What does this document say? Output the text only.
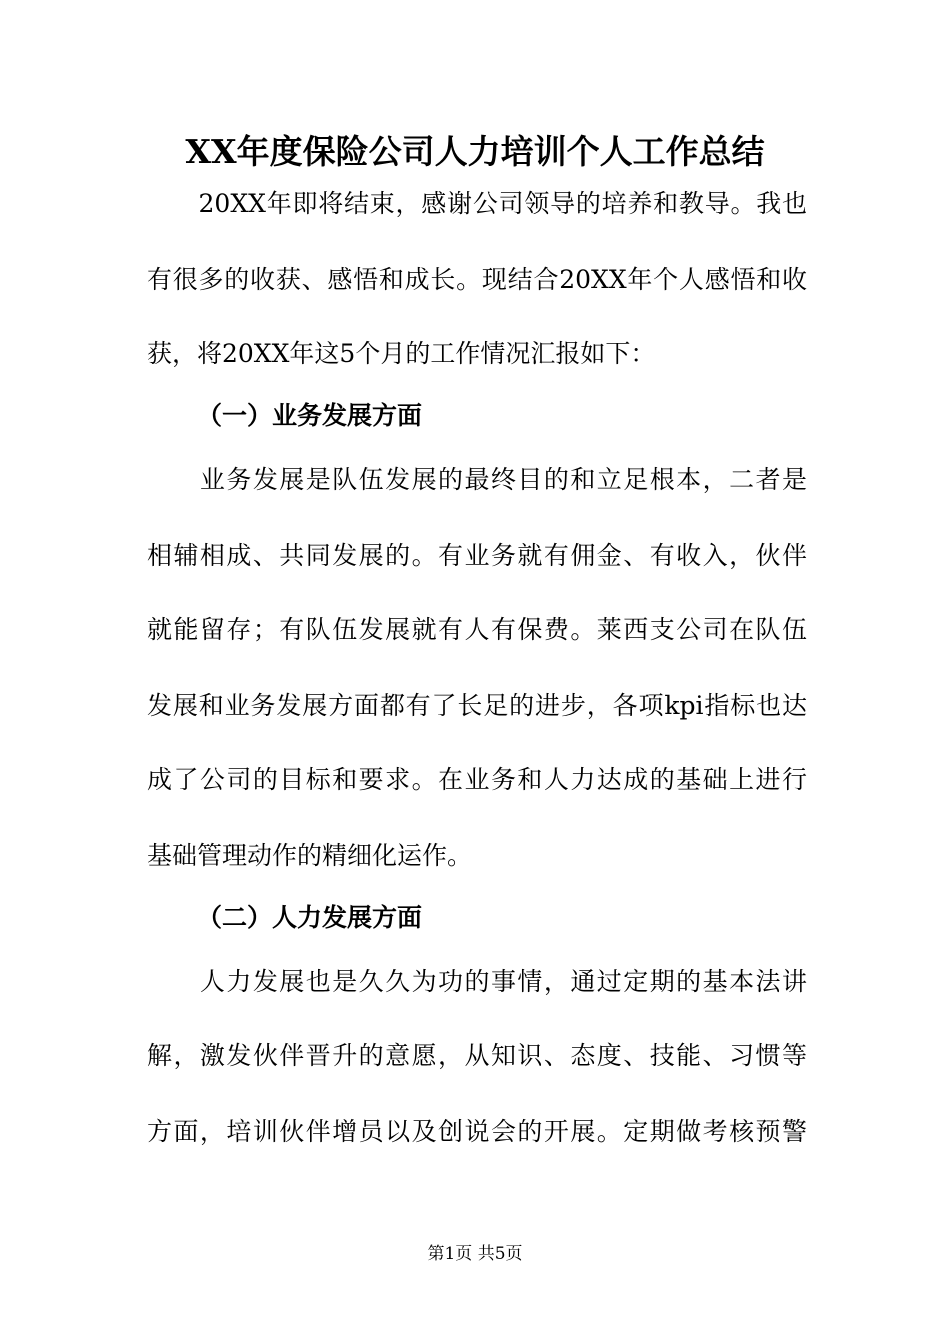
XX年度保险公司人力培训个人工作总结
　　20XX年即将结束，感谢公司领导的培养和教导。我也
有很多的收获、感悟和成长。现结合20XX年个人感悟和收
获，将20XX年这5个月的工作情况汇报如下：
（一）业务发展方面
　　业务发展是队伍发展的最终目的和立足根本，二者是
相辅相成、共同发展的。有业务就有佣金、有收入，伙伴
就能留存；有队伍发展就有人有保费。莱西支公司在队伍
发展和业务发展方面都有了长足的进步，各项kpi指标也达
成了公司的目标和要求。在业务和人力达成的基础上进行
基础管理动作的精细化运作。
（二）人力发展方面
　　人力发展也是久久为功的事情，通过定期的基本法讲
解，激发伙伴晋升的意愿，从知识、态度、技能、习惯等
方面，培训伙伴增员以及创说会的开展。定期做考核预警
第1页 共5页
